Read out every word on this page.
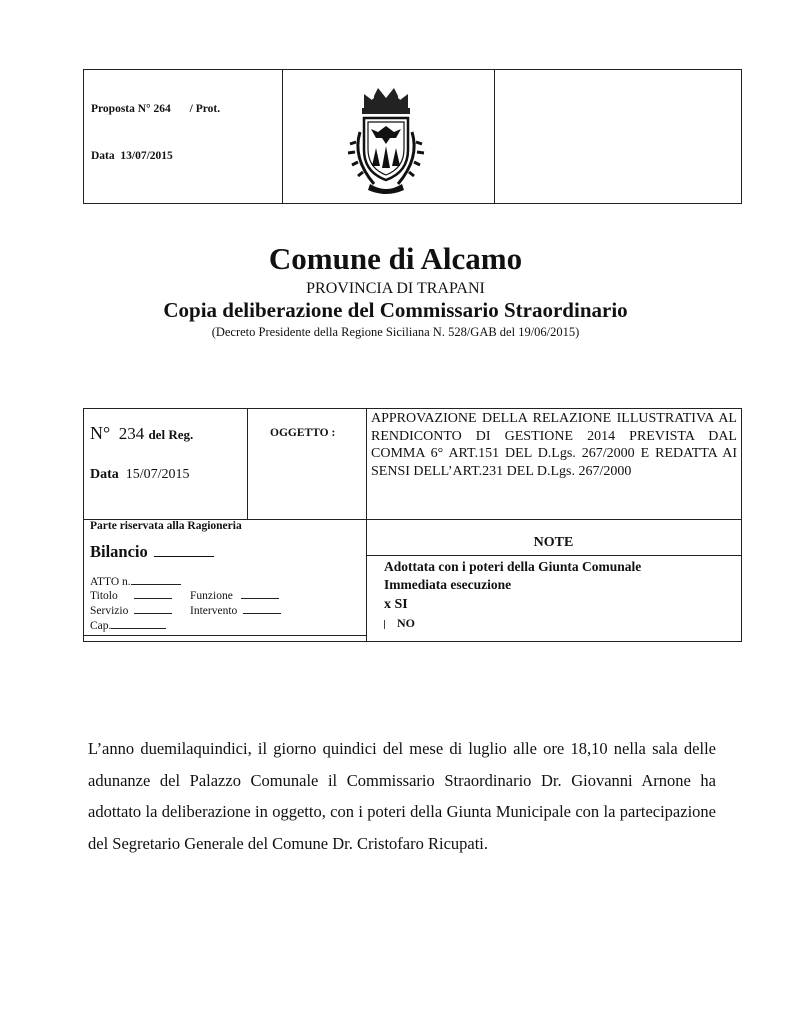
Proposta N° 264 / Prot.
Data 13/07/2015
Comune di Alcamo
PROVINCIA DI TRAPANI
Copia deliberazione del Commissario Straordinario
(Decreto Presidente della Regione Siciliana N. 528/GAB del 19/06/2015)
N° 234 del Reg.
Data 15/07/2015
OGGETTO :
APPROVAZIONE DELLA RELAZIONE ILLUSTRATIVA AL RENDICONTO DI GESTIONE 2014 PREVISTA DAL COMMA 6° ART.151 DEL D.Lgs. 267/2000 E REDATTA AI SENSI DELL’ART.231 DEL D.Lgs. 267/2000
Parte riservata alla Ragioneria
Bilancio
ATTO n.
Titolo	Funzione
Servizio	Intervento
Cap.
NOTE
Adottata con i poteri della Giunta Comunale
Immediata esecuzione
x SI
NO
L’anno duemilaquindici, il giorno quindici del mese di luglio alle ore 18,10 nella sala delle adunanze del Palazzo Comunale il Commissario Straordinario Dr. Giovanni Arnone ha adottato la deliberazione in oggetto, con i poteri della Giunta Municipale con la partecipazione del Segretario Generale del Comune Dr. Cristofaro Ricupati.
